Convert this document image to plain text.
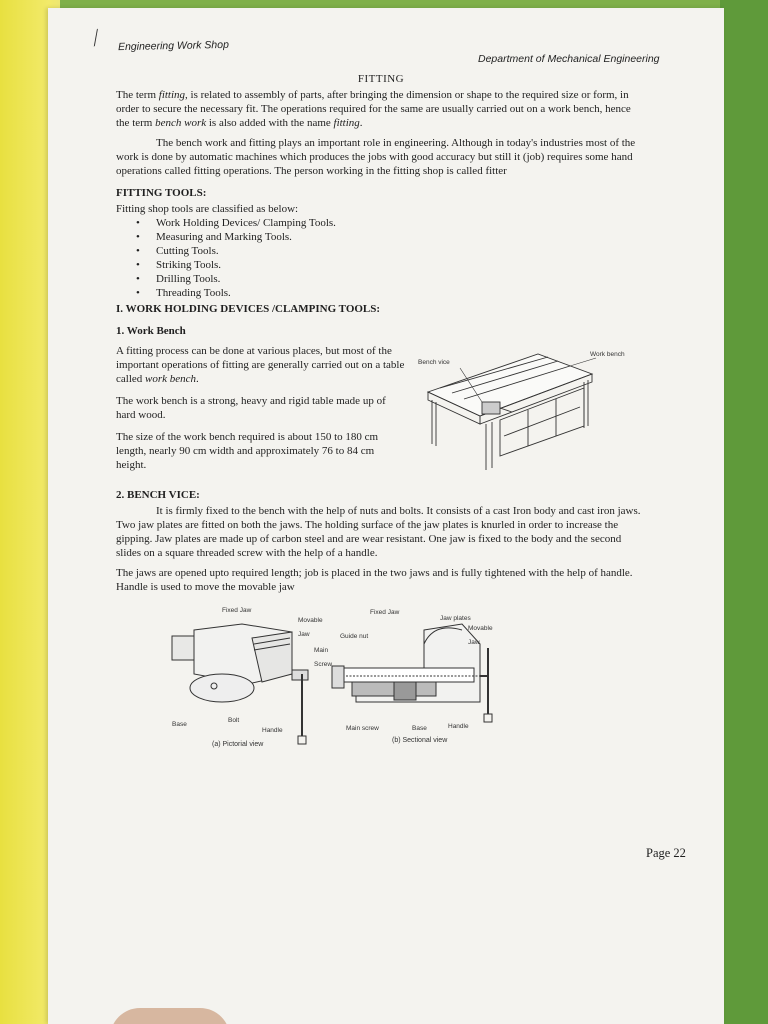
⟋ Engineering Work Shop
Department of Mechanical Engineering
FITTING

The term fitting, is related to assembly of parts, after bringing the dimension or shape to the required size or form, in order to secure the necessary fit. The operations required for the same are usually carried out on a work bench, hence the term bench work is also added with the name fitting.

The bench work and fitting plays an important role in engineering. Although in today's industries most of the work is done by automatic machines which produces the jobs with good accuracy but still it (job) requires some hand operations called fitting operations. The person working in the fitting shop is called fitter

FITTING TOOLS:
Fitting shop tools are classified as below:
• Work Holding Devices/ Clamping Tools.
• Measuring and Marking Tools.
• Cutting Tools.
• Striking Tools.
• Drilling Tools.
• Threading Tools.
I. WORK HOLDING DEVICES /CLAMPING TOOLS:
1. Work Bench

A fitting process can be done at various places, but most of the important operations of fitting are generally carried out on a table called work bench.

The work bench is a strong, heavy and rigid table made up of hard wood.

The size of the work bench required is about 150 to 180 cm length, nearly 90 cm width and approximately 76 to 84 cm height.

Bench vice
Work bench
2. BENCH VICE:

It is firmly fixed to the bench with the help of nuts and bolts. It consists of a cast Iron body and cast iron jaws. Two jaw plates are fitted on both the jaws. The holding surface of the jaw plates is knurled in order to increase the gipping. Jaw plates are made up of carbon steel and are wear resistant. One jaw is fixed to the body and the second slides on a square threaded screw with the help of a handle.

The jaws are opened upto required length; job is placed in the two jaws and is fully tightened with the help of handle. Handle is used to move the movable jaw

Fixed Jaw
Movable Jaw
Main Screw
Base
Bolt
Handle
(a) Pictorial view
Fixed Jaw
Jaw plates
Guide nut
Movable Jaw
Main screw	Base	Handle
(b) Sectional view
Page 22
